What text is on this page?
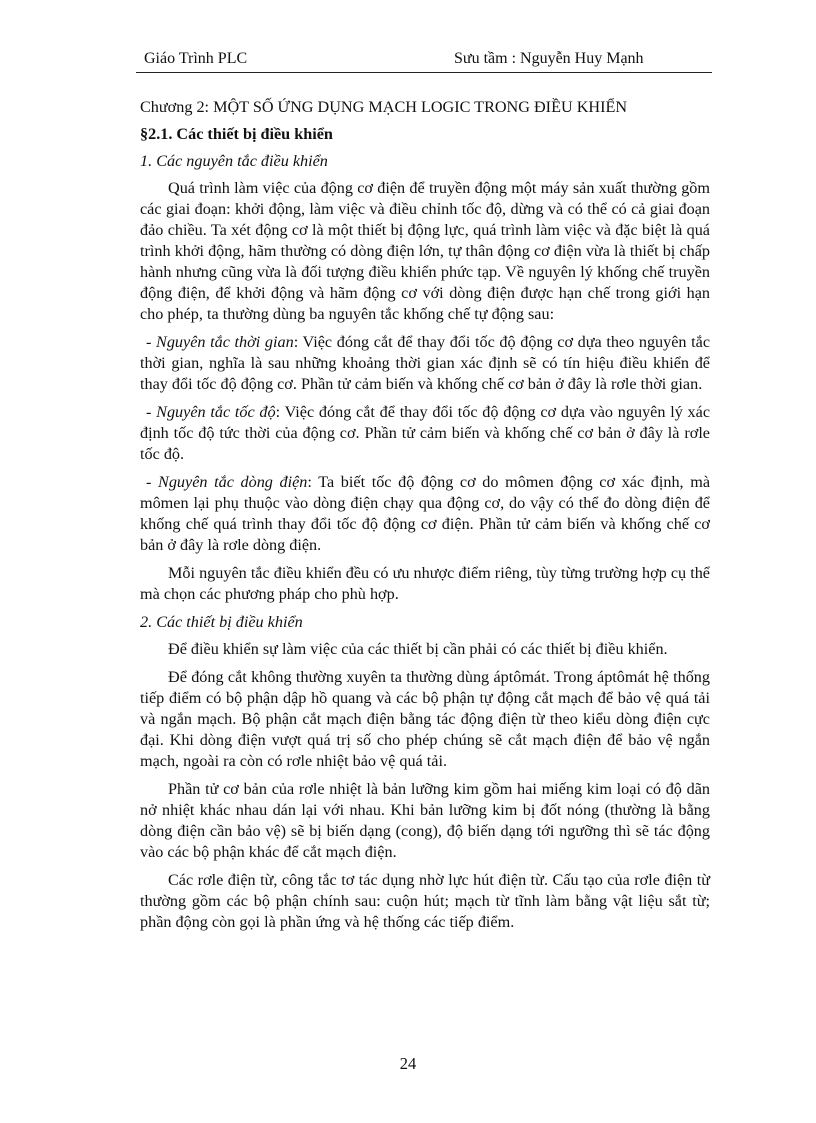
Giáo Trình PLC	Sưu tầm : Nguyễn Huy Mạnh
Chương 2: MỘT SỐ ỨNG DỤNG MẠCH LOGIC TRONG ĐIỀU KHIỂN
§2.1. Các thiết bị điều khiển
1. Các nguyên tắc điều khiển

Quá trình làm việc của động cơ điện để truyền động một máy sản xuất thường gồm các giai đoạn: khởi động, làm việc và điều chỉnh tốc độ, dừng và có thể có cả giai đoạn đảo chiều. Ta xét động cơ là một thiết bị động lực, quá trình làm việc và đặc biệt là quá trình khởi động, hãm thường có dòng điện lớn, tự thân động cơ điện vừa là thiết bị chấp hành nhưng cũng vừa là đối tượng điều khiển phức tạp. Về nguyên lý khống chế truyền động điện, để khởi động và hãm động cơ với dòng điện được hạn chế trong giới hạn cho phép, ta thường dùng ba nguyên tắc khống chế tự động sau:

- Nguyên tắc thời gian: Việc đóng cắt để thay đổi tốc độ động cơ dựa theo nguyên tắc thời gian, nghĩa là sau những khoảng thời gian xác định sẽ có tín hiệu điều khiển để thay đổi tốc độ động cơ. Phần tử cảm biến và khống chế cơ bản ở đây là rơle thời gian.

- Nguyên tắc tốc độ: Việc đóng cắt để thay đổi tốc độ động cơ dựa vào nguyên lý xác định tốc độ tức thời của động cơ. Phần tử cảm biến và khống chế cơ bản ở đây là rơle tốc độ.

- Nguyên tắc dòng điện: Ta biết tốc độ động cơ do mômen động cơ xác định, mà mômen lại phụ thuộc vào dòng điện chạy qua động cơ, do vậy có thể đo dòng điện để khống chế quá trình thay đổi tốc độ động cơ điện. Phần tử cảm biến và khống chế cơ bản ở đây là rơle dòng điện.

Mỗi nguyên tắc điều khiển đều có ưu nhược điểm riêng, tùy từng trường hợp cụ thể mà chọn các phương pháp cho phù hợp.

2. Các thiết bị điều khiển

Để điều khiển sự làm việc của các thiết bị cần phải có các thiết bị điều khiển.

Để đóng cắt không thường xuyên ta thường dùng áptômát. Trong áptômát hệ thống tiếp điểm có bộ phận dập hồ quang và các bộ phận tự động cắt mạch để bảo vệ quá tải và ngắn mạch. Bộ phận cắt mạch điện bằng tác động điện từ theo kiểu dòng điện cực đại. Khi dòng điện vượt quá trị số cho phép chúng sẽ cắt mạch điện để bảo vệ ngắn mạch, ngoài ra còn có rơle nhiệt bảo vệ quá tải.

Phần tử cơ bản của rơle nhiệt là bản lưỡng kim gồm hai miếng kim loại có độ dãn nở nhiệt khác nhau dán lại với nhau. Khi bản lưỡng kim bị đốt nóng (thường là bằng dòng điện cần bảo vệ) sẽ bị biến dạng (cong), độ biến dạng tới ngưỡng thì sẽ tác động vào các bộ phận khác để cắt mạch điện.

Các rơle điện từ, công tắc tơ tác dụng nhờ lực hút điện từ. Cấu tạo của rơle điện từ thường gồm các bộ phận chính sau: cuộn hút; mạch từ tĩnh làm bằng vật liệu sắt từ; phần động còn gọi là phần ứng và hệ thống các tiếp điểm.

24
